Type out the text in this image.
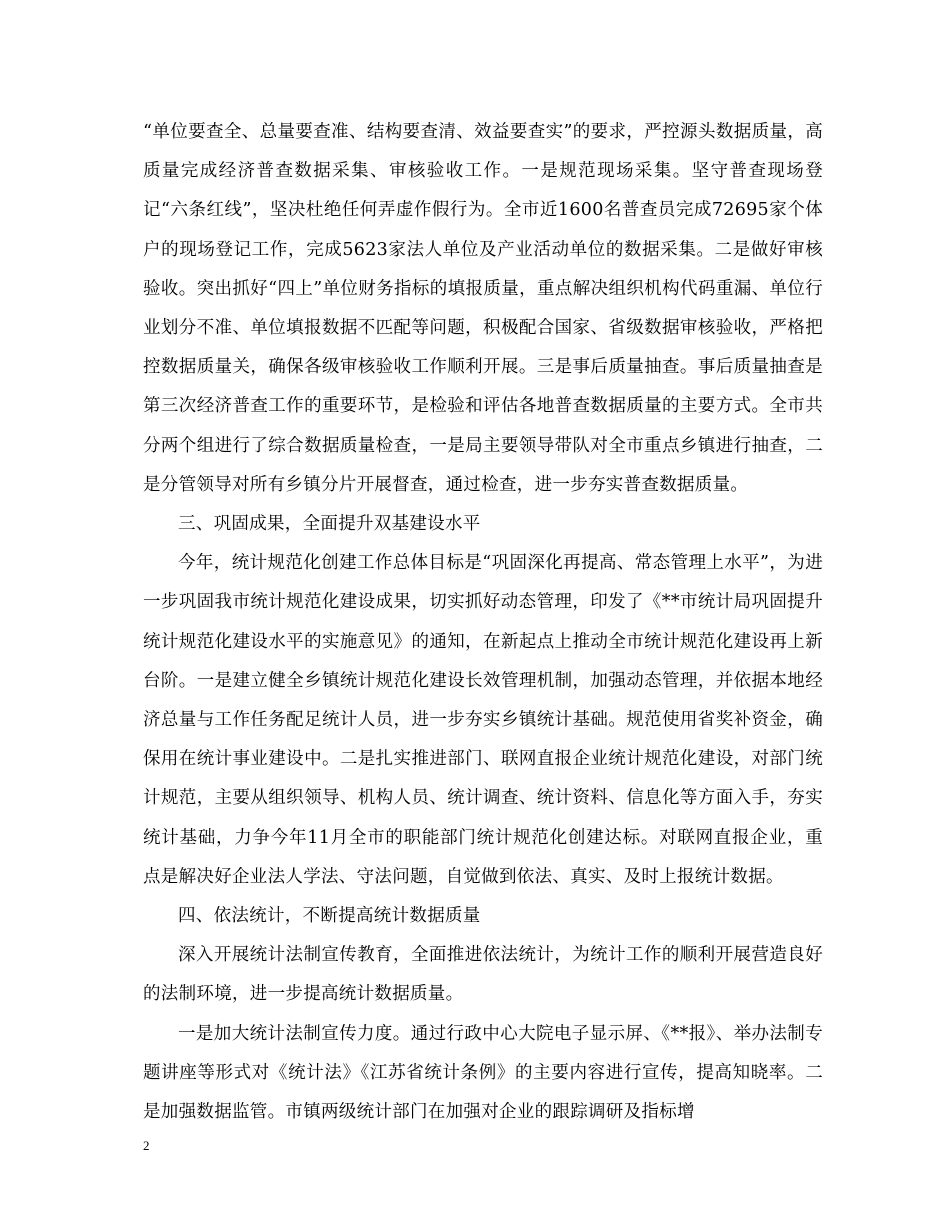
“单位要查全、总量要查准、结构要查清、效益要查实”的要求，严控源头数据质量，高质量完成经济普查数据采集、审核验收工作。一是规范现场采集。坚守普查现场登记“六条红线”，坚决杜绝任何弄虚作假行为。全市近1600名普查员完成72695家个体户的现场登记工作，完成5623家法人单位及产业活动单位的数据采集。二是做好审核验收。突出抓好“四上”单位财务指标的填报质量，重点解决组织机构代码重漏、单位行业划分不准、单位填报数据不匹配等问题，积极配合国家、省级数据审核验收，严格把控数据质量关，确保各级审核验收工作顺利开展。三是事后质量抽查。事后质量抽查是第三次经济普查工作的重要环节，是检验和评估各地普查数据质量的主要方式。全市共分两个组进行了综合数据质量检查，一是局主要领导带队对全市重点乡镇进行抽查，二是分管领导对所有乡镇分片开展督查，通过检查，进一步夯实普查数据质量。

三、巩固成果，全面提升双基建设水平

今年，统计规范化创建工作总体目标是“巩固深化再提高、常态管理上水平”，为进一步巩固我市统计规范化建设成果，切实抓好动态管理，印发了《**市统计局巩固提升统计规范化建设水平的实施意见》的通知，在新起点上推动全市统计规范化建设再上新台阶。一是建立健全乡镇统计规范化建设长效管理机制，加强动态管理，并依据本地经济总量与工作任务配足统计人员，进一步夯实乡镇统计基础。规范使用省奖补资金，确保用在统计事业建设中。二是扎实推进部门、联网直报企业统计规范化建设，对部门统计规范，主要从组织领导、机构人员、统计调查、统计资料、信息化等方面入手，夯实统计基础，力争今年11月全市的职能部门统计规范化创建达标。对联网直报企业，重点是解决好企业法人学法、守法问题，自觉做到依法、真实、及时上报统计数据。

四、依法统计，不断提高统计数据质量

深入开展统计法制宣传教育，全面推进依法统计，为统计工作的顺利开展营造良好的法制环境，进一步提高统计数据质量。

一是加大统计法制宣传力度。通过行政中心大院电子显示屏、《**报》、举办法制专题讲座等形式对《统计法》《江苏省统计条例》的主要内容进行宣传，提高知晓率。二是加强数据监管。市镇两级统计部门在加强对企业的跟踪调研及指标增

2
